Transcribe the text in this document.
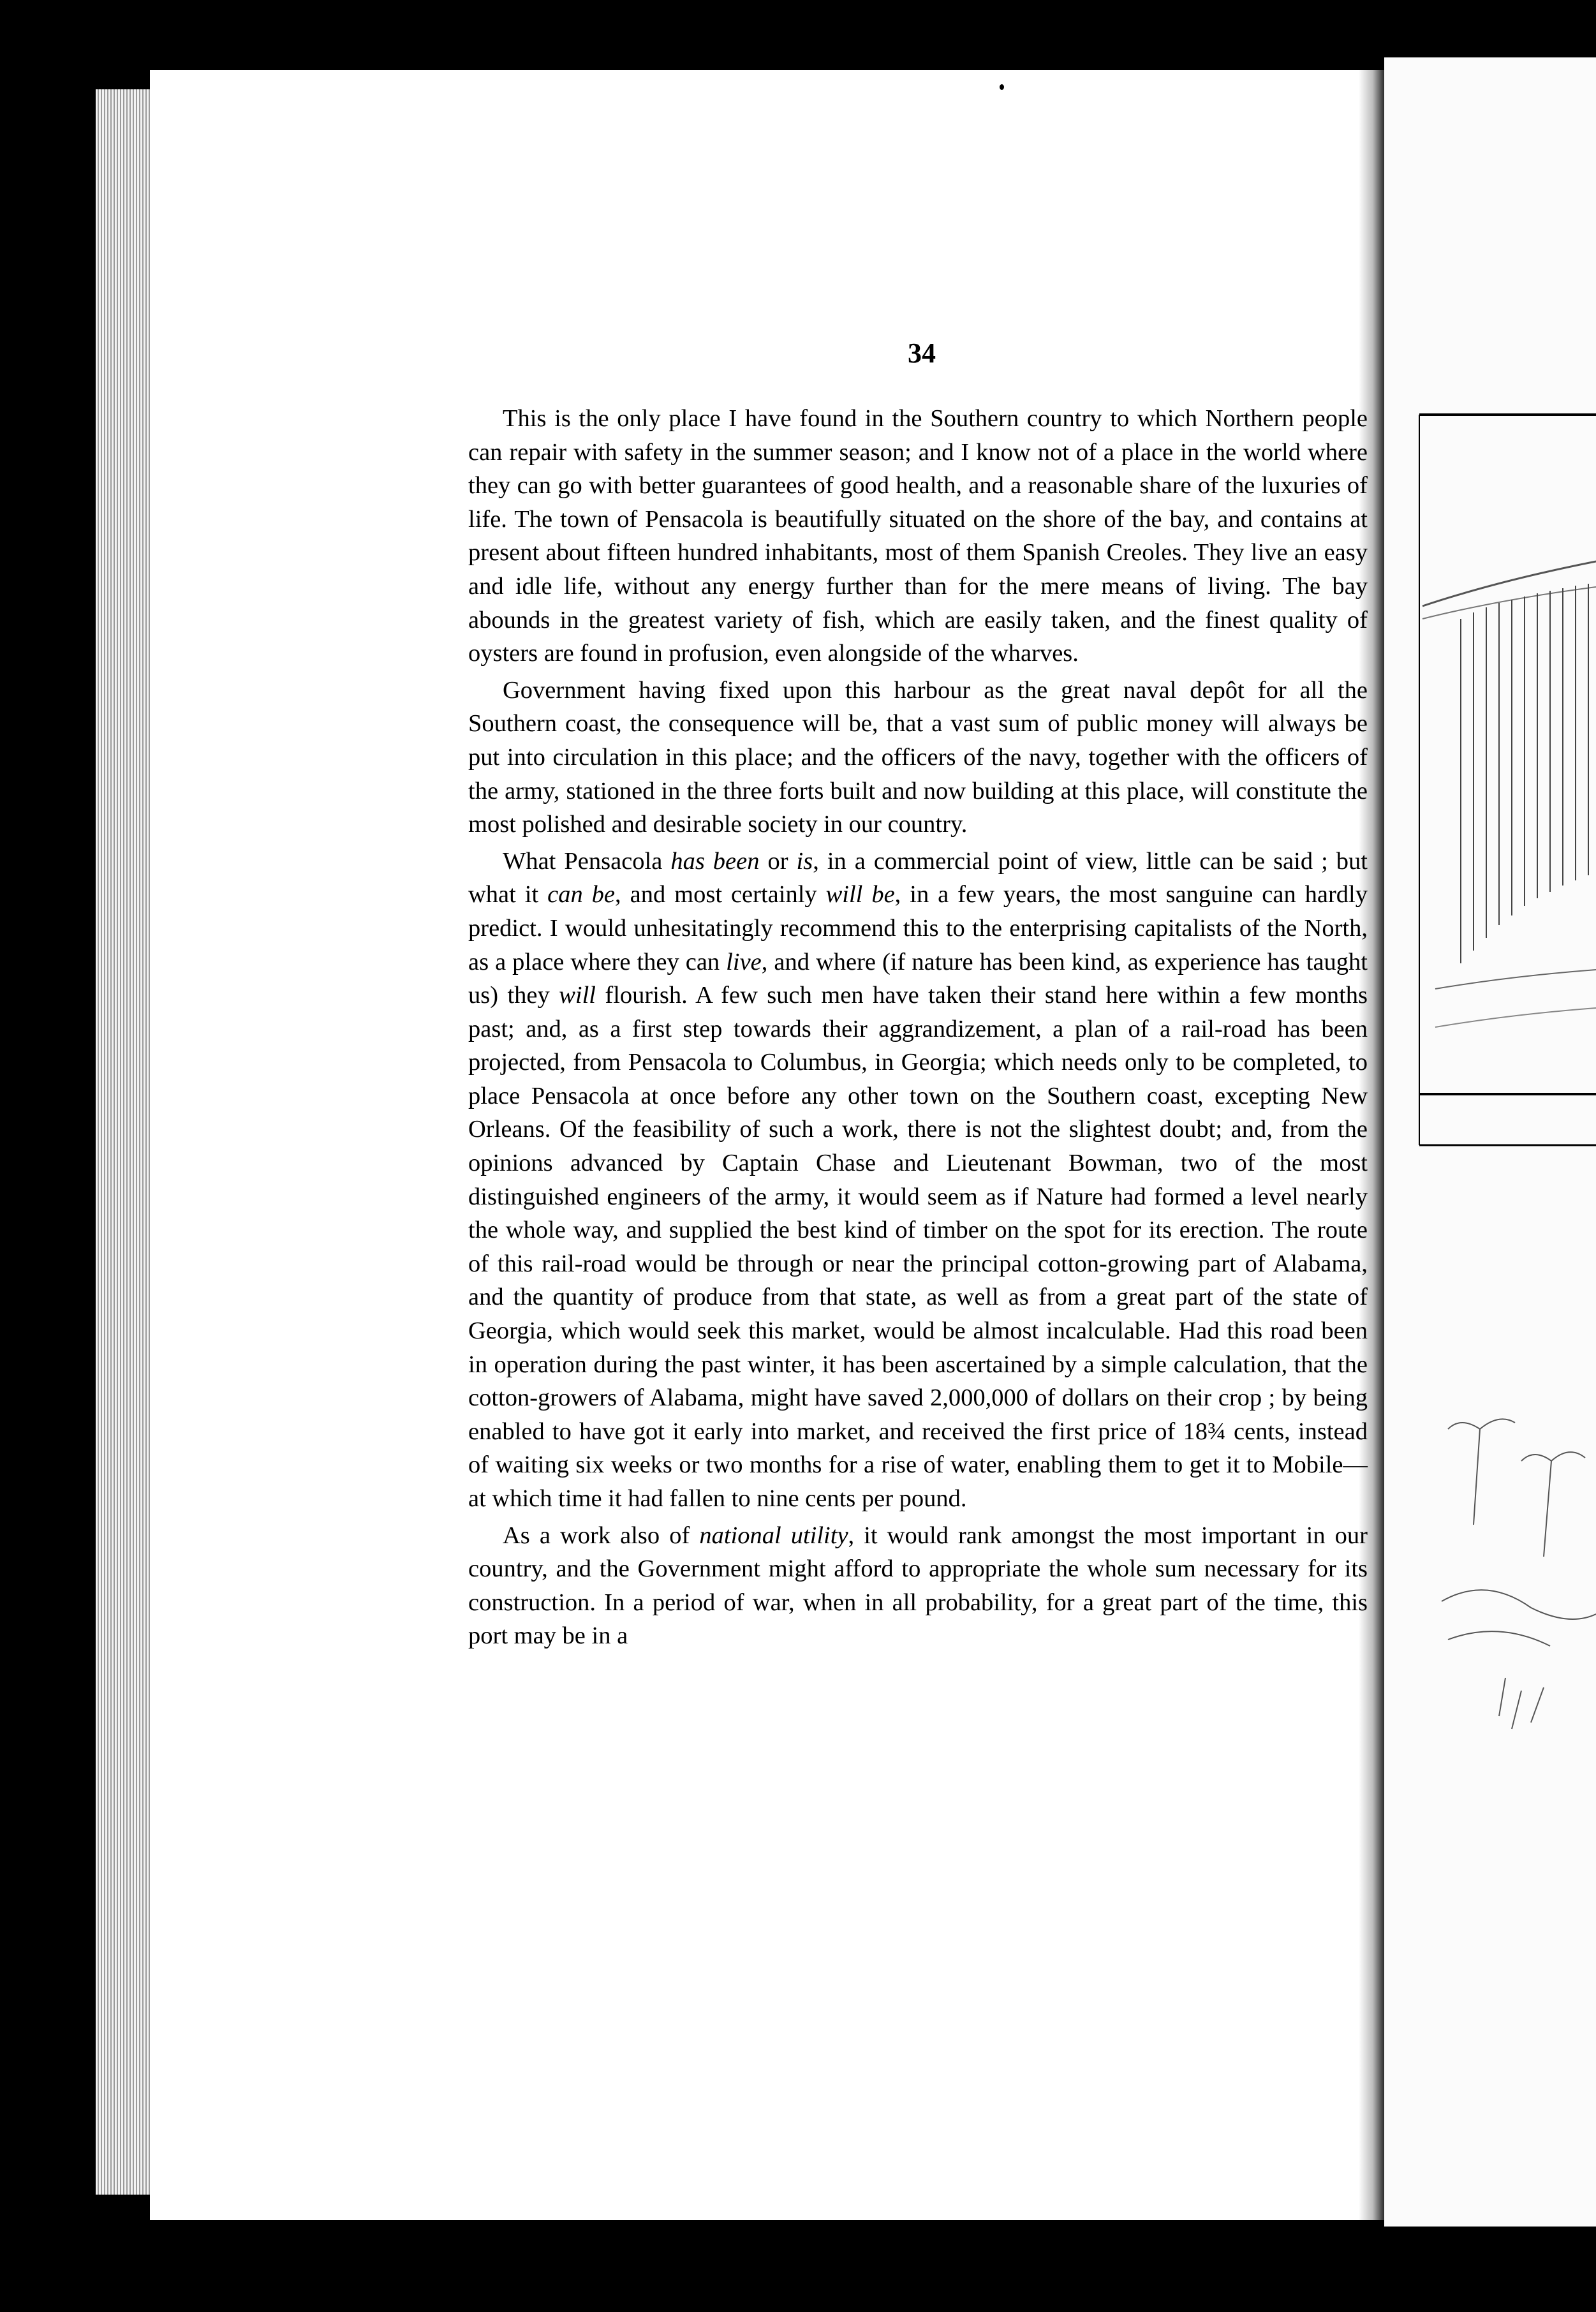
34

This is the only place I have found in the Southern country to which Northern people can repair with safety in the summer season; and I know not of a place in the world where they can go with better guarantees of good health, and a reasonable share of the luxuries of life. The town of Pensacola is beautifully situated on the shore of the bay, and contains at present about fifteen hundred inhabitants, most of them Spanish Creoles. They live an easy and idle life, without any energy further than for the mere means of living. The bay abounds in the greatest variety of fish, which are easily taken, and the finest quality of oysters are found in profusion, even alongside of the wharves.

Government having fixed upon this harbour as the great naval depôt for all the Southern coast, the consequence will be, that a vast sum of public money will always be put into circulation in this place; and the officers of the navy, together with the officers of the army, stationed in the three forts built and now building at this place, will constitute the most polished and desirable society in our country.

What Pensacola has been or is, in a commercial point of view, little can be said ; but what it can be, and most certainly will be, in a few years, the most sanguine can hardly predict. I would unhesitatingly recommend this to the enterprising capitalists of the North, as a place where they can live, and where (if nature has been kind, as experience has taught us) they will flourish. A few such men have taken their stand here within a few months past; and, as a first step towards their aggrandizement, a plan of a rail-road has been projected, from Pensacola to Columbus, in Georgia; which needs only to be completed, to place Pensacola at once before any other town on the Southern coast, excepting New Orleans. Of the feasibility of such a work, there is not the slightest doubt; and, from the opinions advanced by Captain Chase and Lieutenant Bowman, two of the most distinguished engineers of the army, it would seem as if Nature had formed a level nearly the whole way, and supplied the best kind of timber on the spot for its erection. The route of this rail-road would be through or near the principal cotton-growing part of Alabama, and the quantity of produce from that state, as well as from a great part of the state of Georgia, which would seek this market, would be almost incalculable. Had this road been in operation during the past winter, it has been ascertained by a simple calculation, that the cotton-growers of Alabama, might have saved 2,000,000 of dollars on their crop ; by being enabled to have got it early into market, and received the first price of 18¾ cents, instead of waiting six weeks or two months for a rise of water, enabling them to get it to Mobile—at which time it had fallen to nine cents per pound.

As a work also of national utility, it would rank amongst the most important in our country, and the Government might afford to appropriate the whole sum necessary for its construction. In a period of war, when in all probability, for a great part of the time, this port may be in a
